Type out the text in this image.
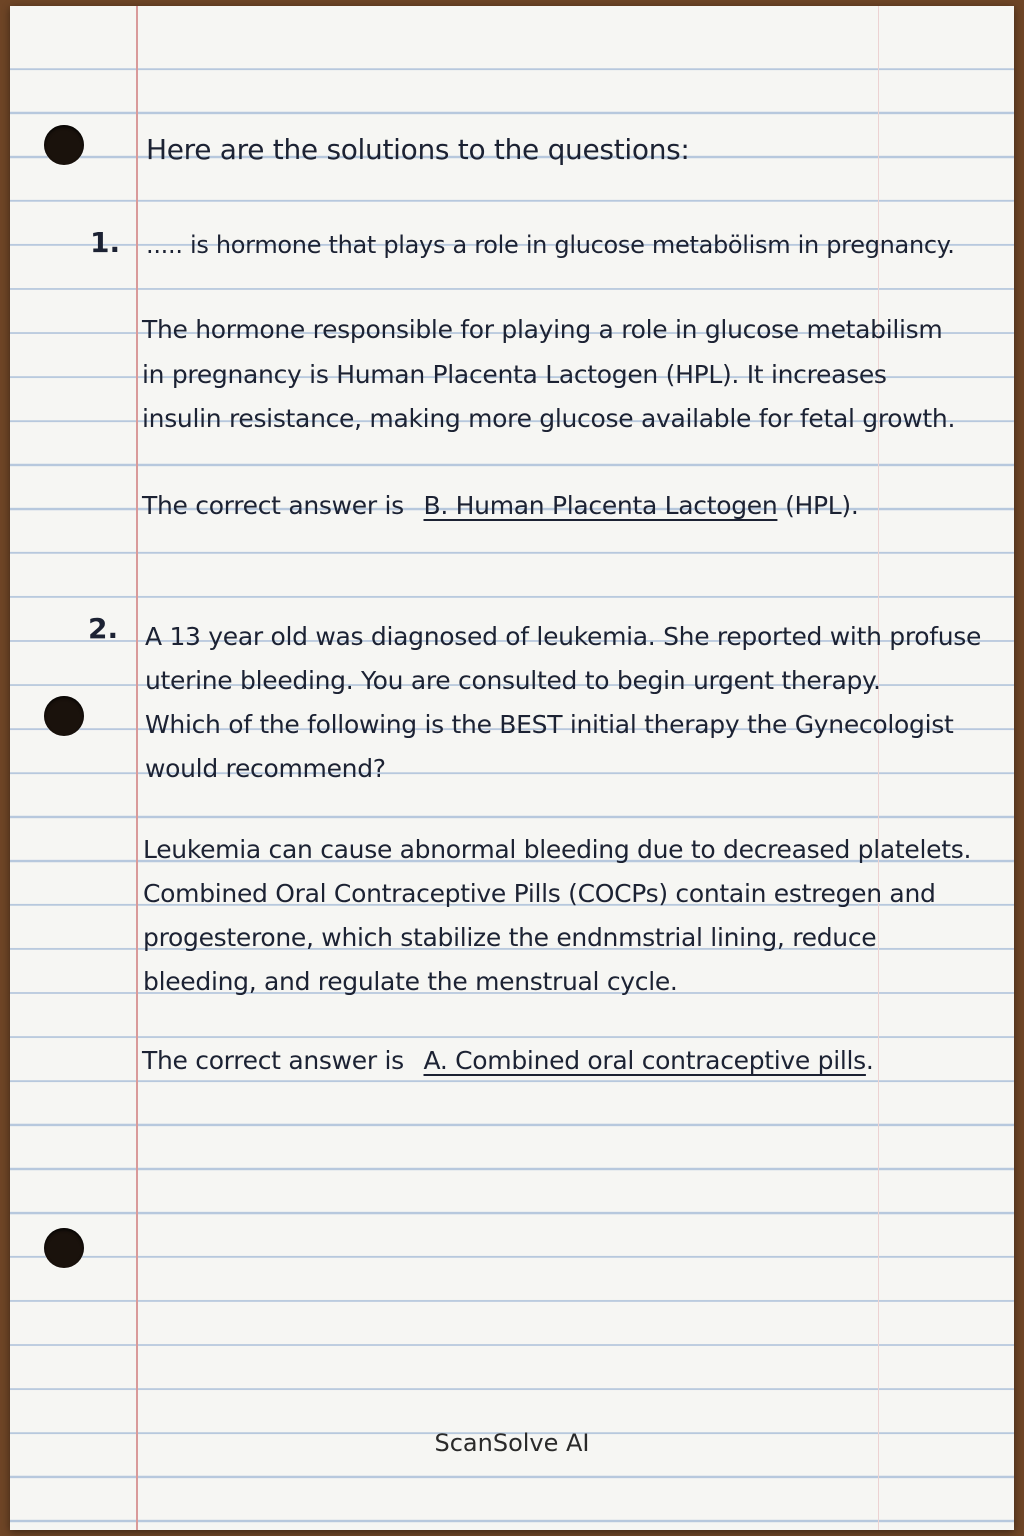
Here are the solutions to the questions:
1. ..... is hormone that plays a role in glucose metabölism in pregnancy.
The hormone responsible for playing a role in glucose metabilism
in pregnancy is Human Placenta Lactogen (HPL). It increases
insulin resistance, making more glucose available for fetal growth.
The correct answer is B. Human Placenta Lactogen (HPL).
2. A 13 year old was diagnosed of leukemia. She reported with profuse
uterine bleeding. You are consulted to begin urgent therapy.
Which of the following is the BEST initial therapy the Gynecologist
would recommend?
Leukemia can cause abnormal bleeding due to decreased platelets.
Combined Oral Contraceptive Pills (COCPs) contain estregen and
progesterone, which stabilize the endnmstrial lining, reduce
bleeding, and regulate the menstrual cycle.
The correct answer is A. Combined oral contraceptive pills.
ScanSolve AI
